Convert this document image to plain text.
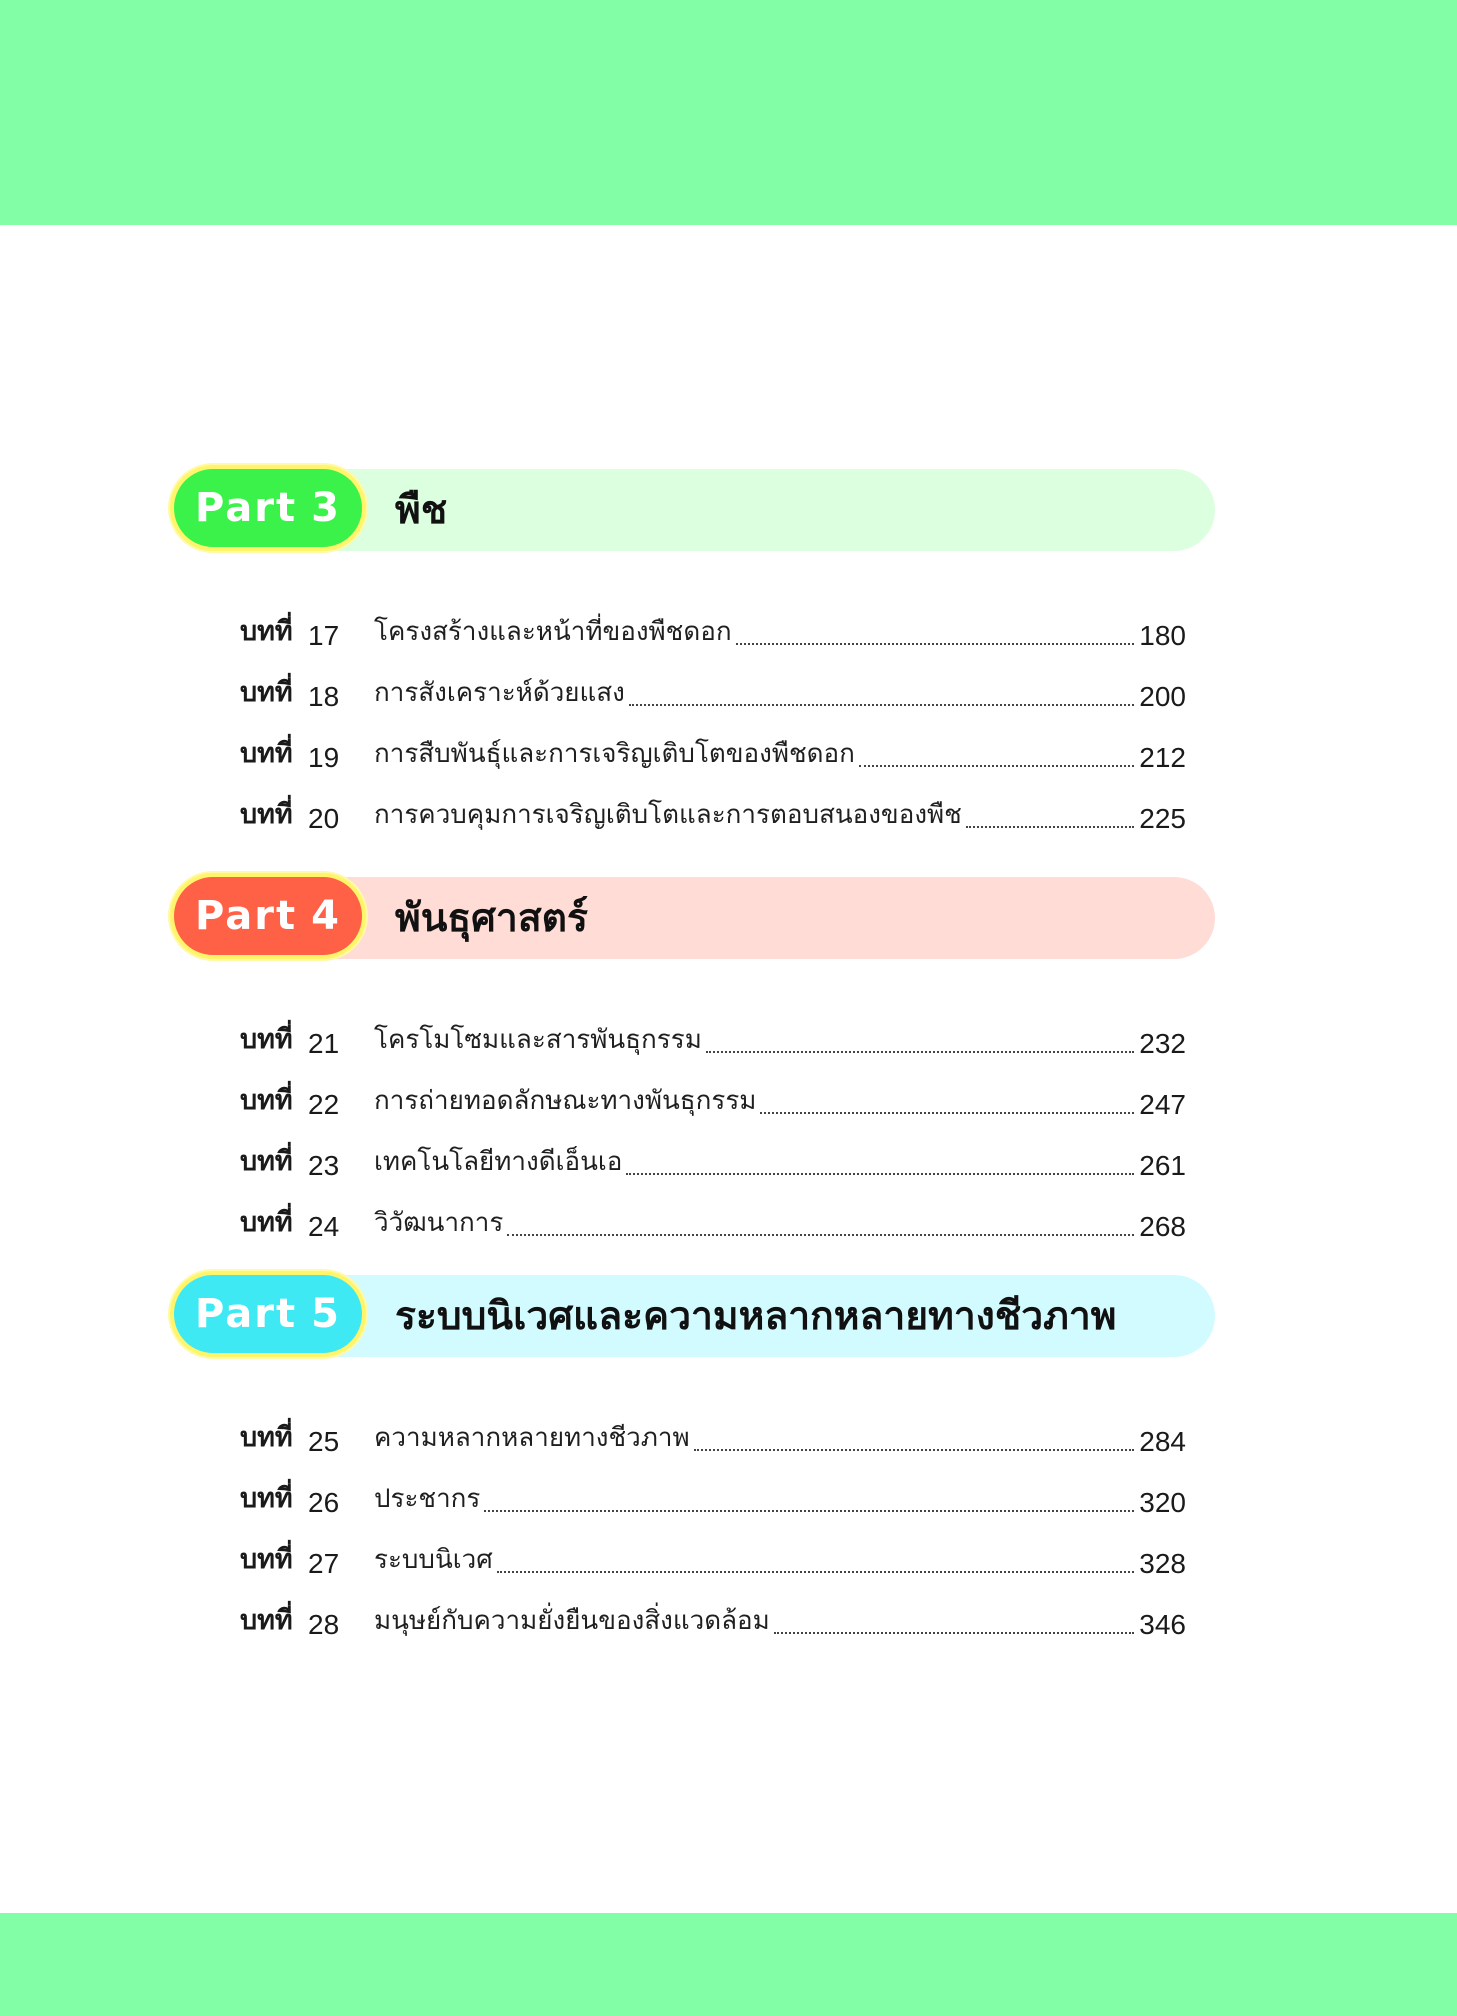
Part 3 พืช
บทที่ 17	โครงสร้างและหน้าที่ของพืชดอก	180
บทที่ 18	การสังเคราะห์ด้วยแสง	200
บทที่ 19	การสืบพันธุ์และการเจริญเติบโตของพืชดอก	212
บทที่ 20	การควบคุมการเจริญเติบโตและการตอบสนองของพืช	225
Part 4 พันธุศาสตร์
บทที่ 21	โครโมโซมและสารพันธุกรรม	232
บทที่ 22	การถ่ายทอดลักษณะทางพันธุกรรม	247
บทที่ 23	เทคโนโลยีทางดีเอ็นเอ	261
บทที่ 24	วิวัฒนาการ	268
Part 5 ระบบนิเวศและความหลากหลายทางชีวภาพ
บทที่ 25	ความหลากหลายทางชีวภาพ	284
บทที่ 26	ประชากร	320
บทที่ 27	ระบบนิเวศ	328
บทที่ 28	มนุษย์กับความยั่งยืนของสิ่งแวดล้อม	346
